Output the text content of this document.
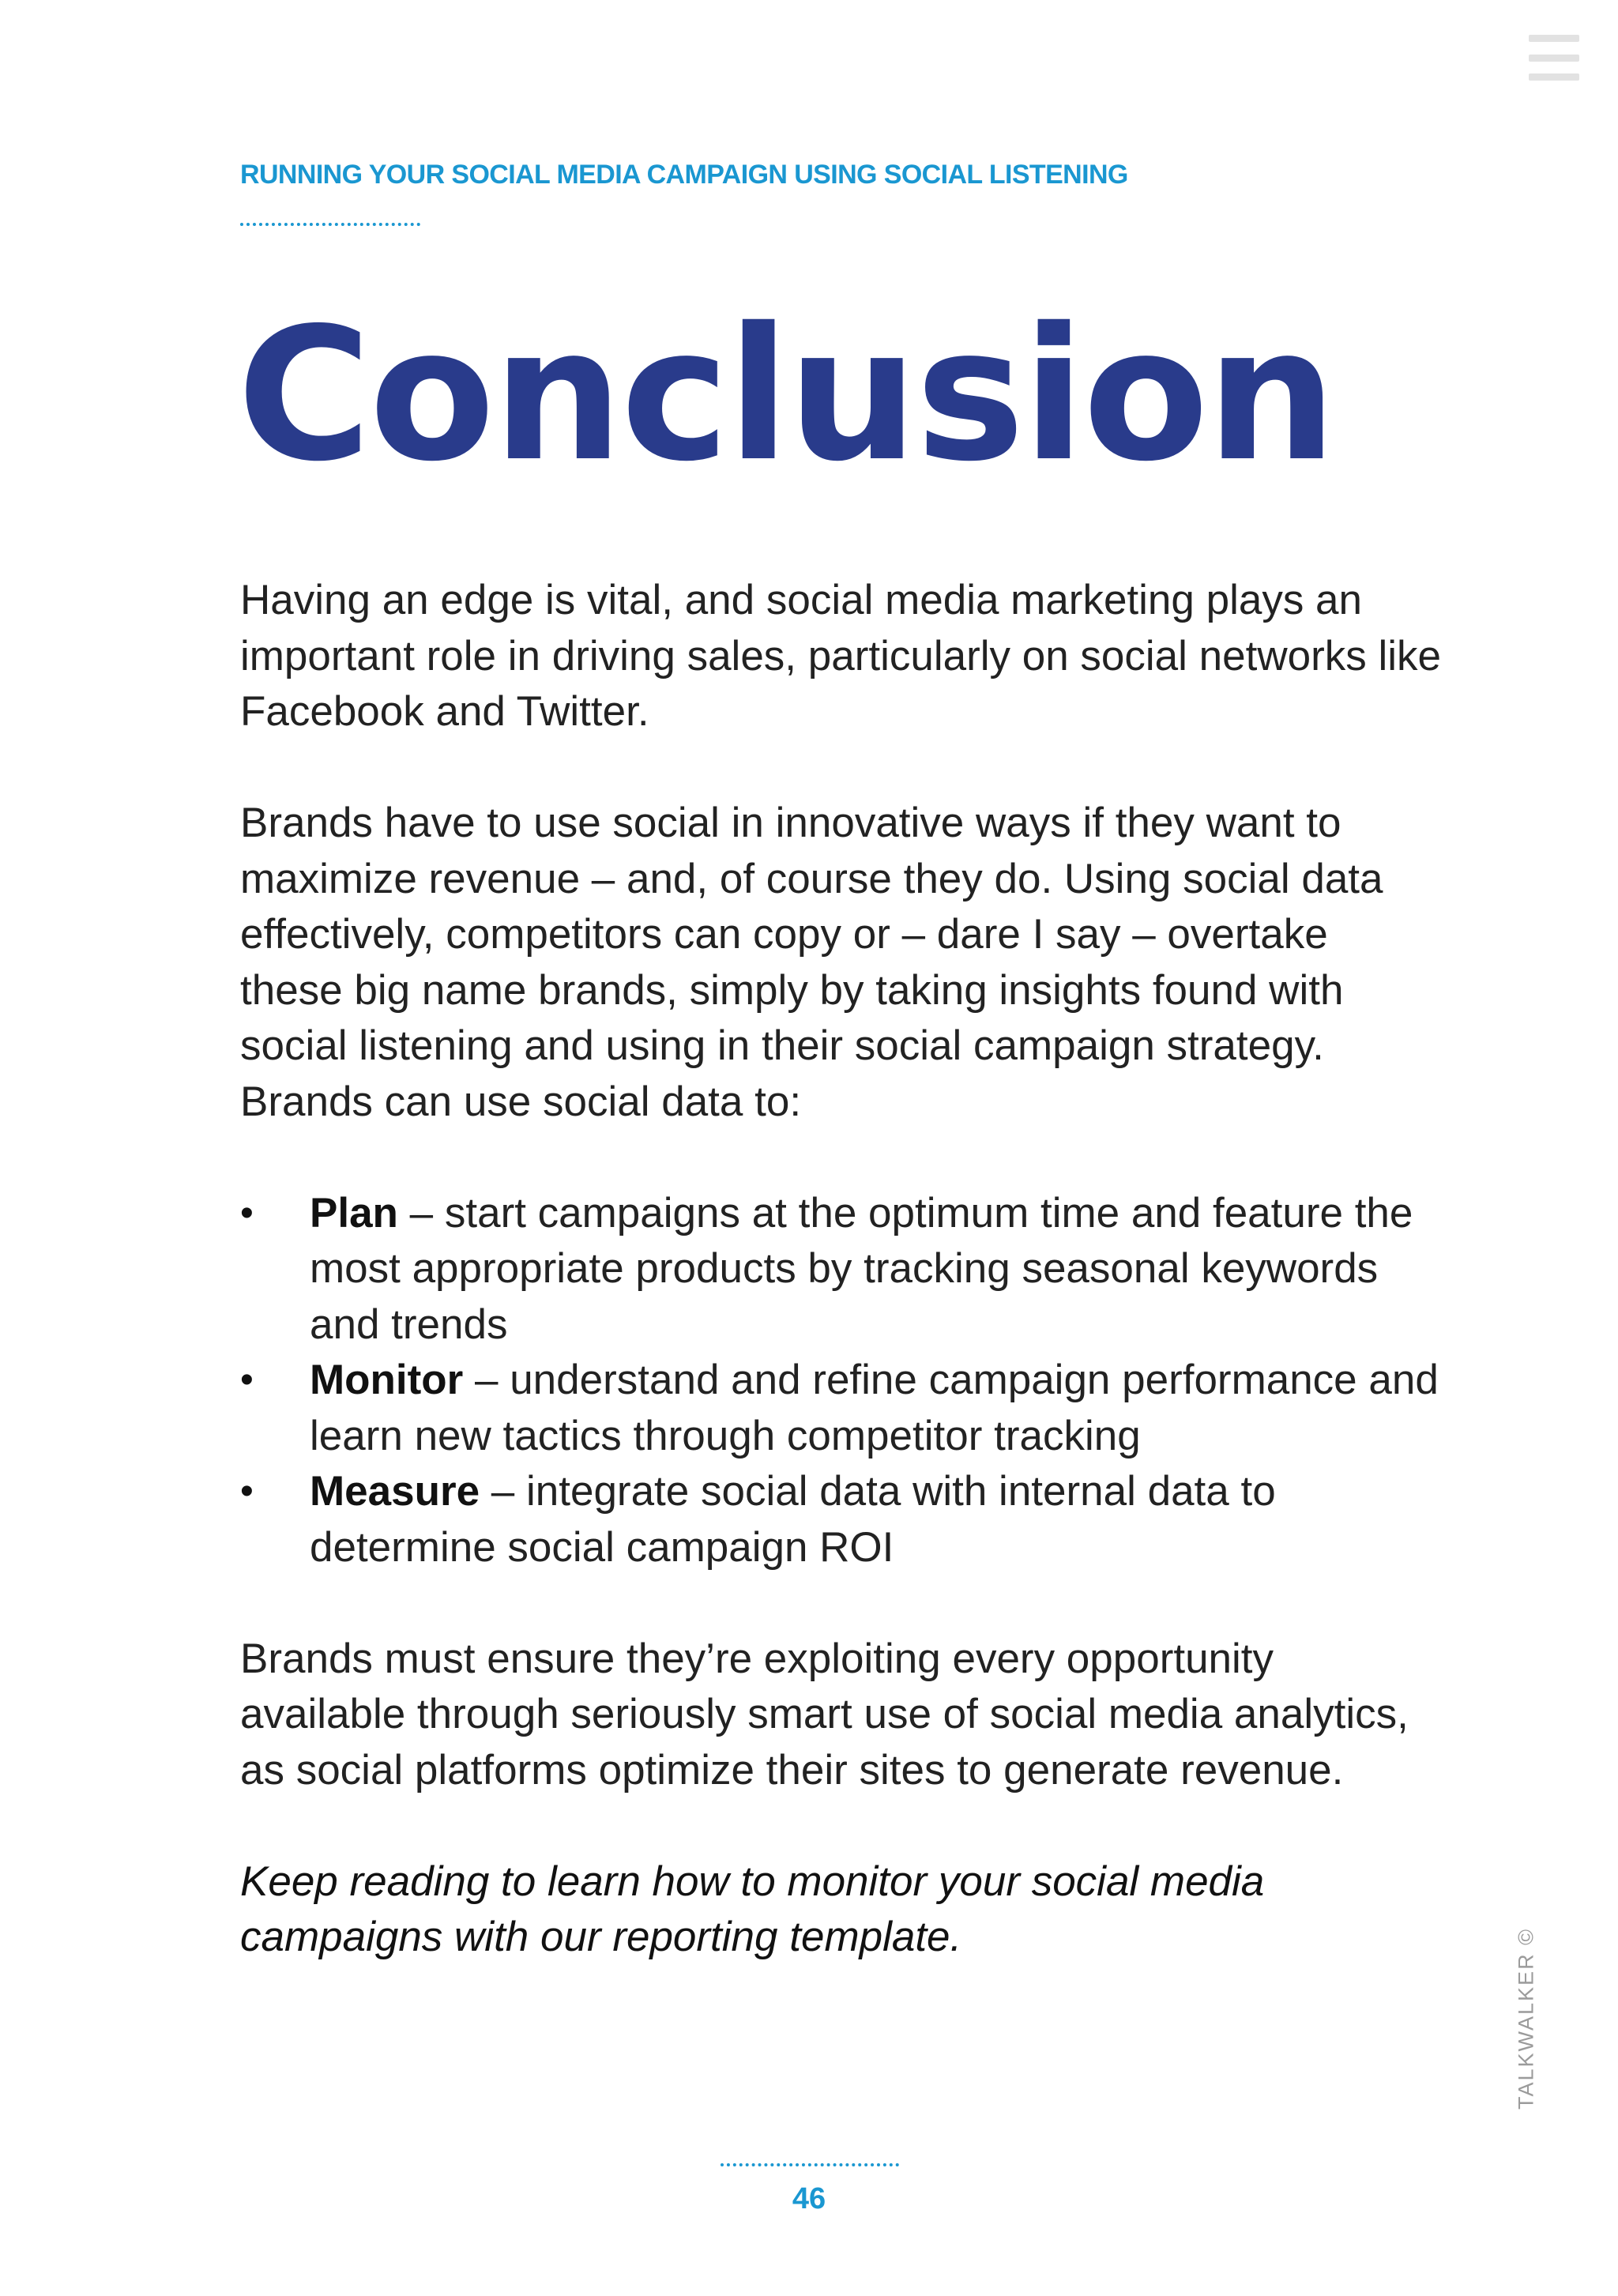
RUNNING YOUR SOCIAL MEDIA CAMPAIGN USING SOCIAL LISTENING
Conclusion

Having an edge is vital, and social media marketing plays an important role in driving sales, particularly on social networks like Facebook and Twitter.

Brands have to use social in innovative ways if they want to maximize revenue – and, of course they do. Using social data effectively, competitors can copy or – dare I say – overtake these big name brands, simply by taking insights found with social listening and using in their social campaign strategy. Brands can use social data to:

• Plan – start campaigns at the optimum time and feature the most appropriate products by tracking seasonal keywords and trends
• Monitor – understand and refine campaign performance and learn new tactics through competitor tracking
• Measure – integrate social data with internal data to determine social campaign ROI

Brands must ensure they’re exploiting every opportunity available through seriously smart use of social media analytics, as social platforms optimize their sites to generate revenue.

Keep reading to learn how to monitor your social media campaigns with our reporting template.	TALKWALKER ©
46
